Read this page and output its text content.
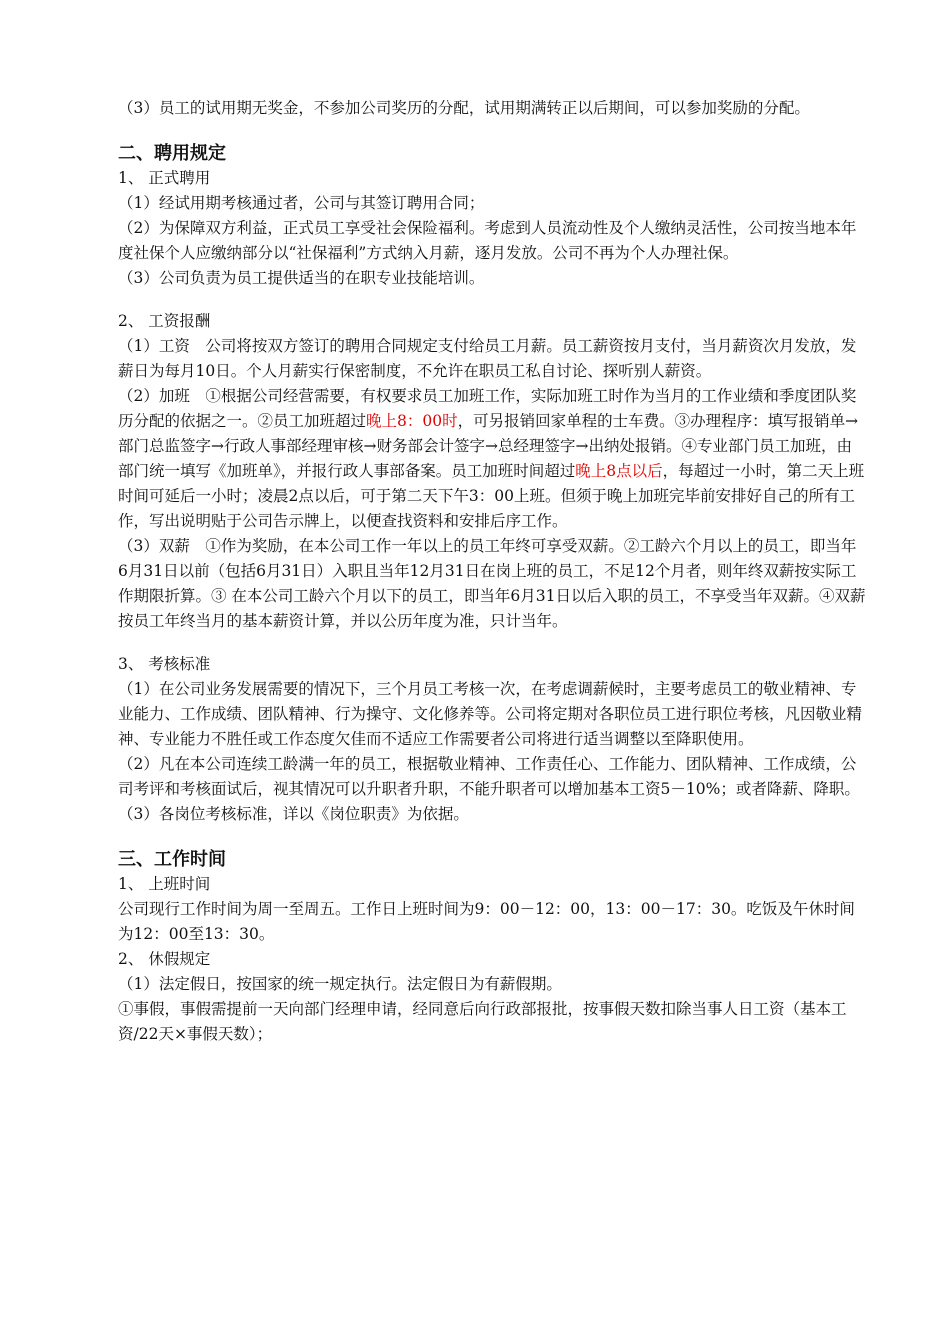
（3）员工的试用期无奖金，不参加公司奖历的分配，试用期满转正以后期间，可以参加奖励的分配。

二、聘用规定

1、 正式聘用

（1）经试用期考核通过者，公司与其签订聘用合同；

（2）为保障双方利益，正式员工享受社会保险福利。考虑到人员流动性及个人缴纳灵活性，公司按当地本年度社保个人应缴纳部分以“社保福利”方式纳入月薪，逐月发放。公司不再为个人办理社保。

（3）公司负责为员工提供适当的在职专业技能培训。

2、 工资报酬

（1）工资　公司将按双方签订的聘用合同规定支付给员工月薪。员工薪资按月支付，当月薪资次月发放，发薪日为每月10日。个人月薪实行保密制度，不允许在职员工私自讨论、探听别人薪资。

（2）加班　①根据公司经营需要，有权要求员工加班工作，实际加班工时作为当月的工作业绩和季度团队奖历分配的依据之一。②员工加班超过晚上8：00时，可另报销回家单程的士车费。③办理程序：填写报销单→部门总监签字→行政人事部经理审核→财务部会计签字→总经理签字→出纳处报销。④专业部门员工加班，由部门统一填写《加班单》，并报行政人事部备案。员工加班时间超过晚上8点以后，每超过一小时，第二天上班时间可延后一小时；凌晨2点以后，可于第二天下午3：00上班。但须于晚上加班完毕前安排好自己的所有工作，写出说明贴于公司告示牌上，以便查找资料和安排后序工作。

（3）双薪　①作为奖励，在本公司工作一年以上的员工年终可享受双薪。②工龄六个月以上的员工，即当年6月31日以前（包括6月31日）入职且当年12月31日在岗上班的员工，不足12个月者，则年终双薪按实际工作期限折算。③ 在本公司工龄六个月以下的员工，即当年6月31日以后入职的员工，不享受当年双薪。④双薪按员工年终当月的基本薪资计算，并以公历年度为准，只计当年。

3、 考核标准

（1）在公司业务发展需要的情况下，三个月员工考核一次，在考虑调薪候时，主要考虑员工的敬业精神、专业能力、工作成绩、团队精神、行为操守、文化修养等。公司将定期对各职位员工进行职位考核，凡因敬业精神、专业能力不胜任或工作态度欠佳而不适应工作需要者公司将进行适当调整以至降职使用。

（2）凡在本公司连续工龄满一年的员工，根据敬业精神、工作责任心、工作能力、团队精神、工作成绩，公司考评和考核面试后，视其情况可以升职者升职，不能升职者可以增加基本工资5－10%；或者降薪、降职。

（3）各岗位考核标准，详以《岗位职责》为依据。

三、工作时间

1、 上班时间

公司现行工作时间为周一至周五。工作日上班时间为9：00－12：00，13：00－17：30。吃饭及午休时间为12：00至13：30。

2、 休假规定

（1）法定假日，按国家的统一规定执行。法定假日为有薪假期。

①事假，事假需提前一天向部门经理申请，经同意后向行政部报批，按事假天数扣除当事人日工资（基本工资/22天×事假天数）；
